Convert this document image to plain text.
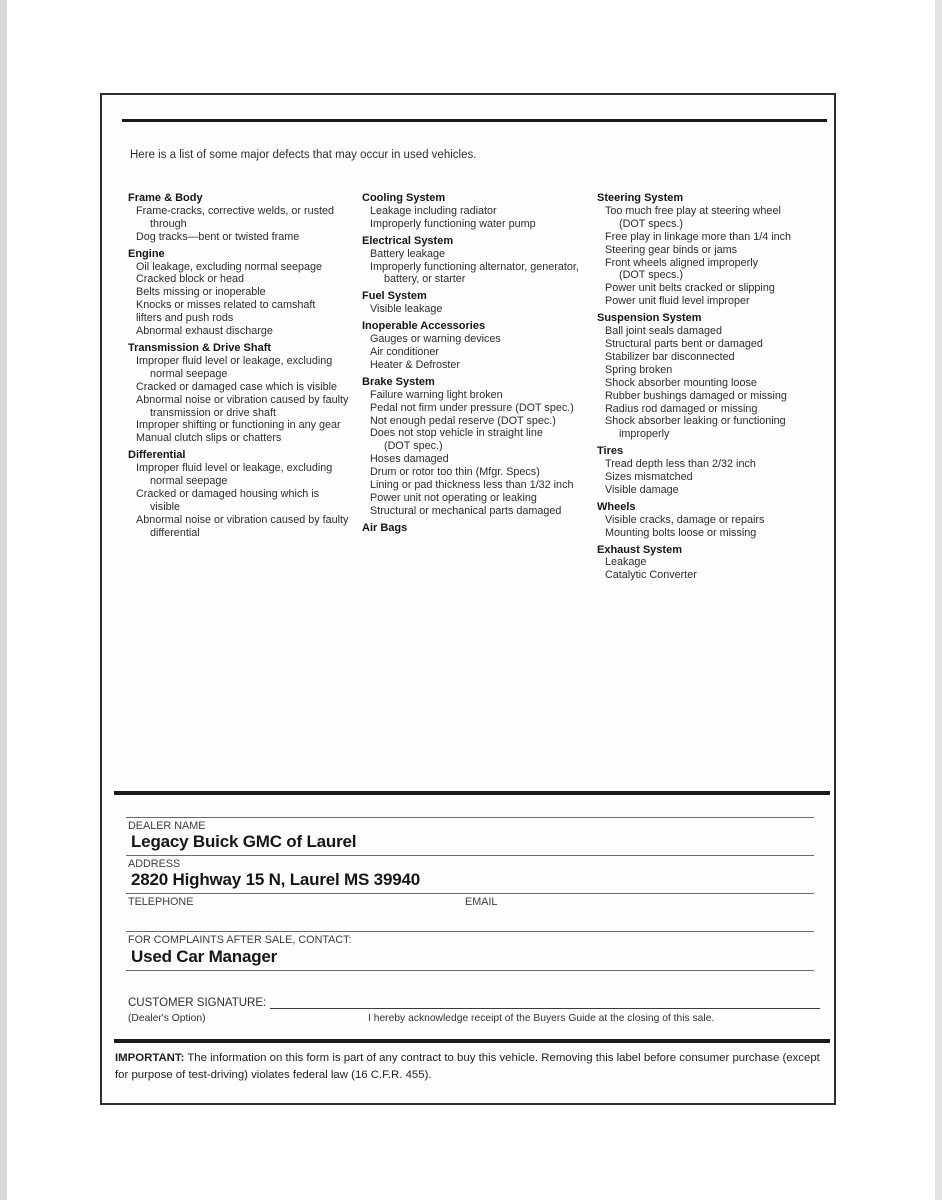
Here is a list of some major defects that may occur in used vehicles.
Frame & Body
Frame-cracks, corrective welds, or rusted
through
Dog tracks—bent or twisted frame
Engine
Oil leakage, excluding normal seepage
Cracked block or head
Belts missing or inoperable
Knocks or misses related to camshaft
lifters and push rods
Abnormal exhaust discharge
Transmission & Drive Shaft
Improper fluid level or leakage, excluding
normal seepage
Cracked or damaged case which is visible
Abnormal noise or vibration caused by faulty
transmission or drive shaft
Improper shifting or functioning in any gear
Manual clutch slips or chatters
Differential
Improper fluid level or leakage, excluding
normal seepage
Cracked or damaged housing which is
visible
Abnormal noise or vibration caused by faulty
differential
Cooling System
Leakage including radiator
Improperly functioning water pump
Electrical System
Battery leakage
Improperly functioning alternator, generator,
battery, or starter
Fuel System
Visible leakage
Inoperable Accessories
Gauges or warning devices
Air conditioner
Heater & Defroster
Brake System
Failure warning light broken
Pedal not firm under pressure (DOT spec.)
Not enough pedal reserve (DOT spec.)
Does not stop vehicle in straight line
(DOT spec.)
Hoses damaged
Drum or rotor too thin (Mfgr. Specs)
Lining or pad thickness less than 1/32 inch
Power unit not operating or leaking
Structural or mechanical parts damaged
Air Bags
Steering System
Too much free play at steering wheel
(DOT specs.)
Free play in linkage more than 1/4 inch
Steering gear binds or jams
Front wheels aligned improperly
(DOT specs.)
Power unit belts cracked or slipping
Power unit fluid level improper
Suspension System
Ball joint seals damaged
Structural parts bent or damaged
Stabilizer bar disconnected
Spring broken
Shock absorber mounting loose
Rubber bushings damaged or missing
Radius rod damaged or missing
Shock absorber leaking or functioning
improperly
Tires
Tread depth less than 2/32 inch
Sizes mismatched
Visible damage
Wheels
Visible cracks, damage or repairs
Mounting bolts loose or missing
Exhaust System
Leakage
Catalytic Converter
DEALER NAME
Legacy Buick GMC of Laurel
ADDRESS
2820 Highway 15 N, Laurel MS 39940
TELEPHONE	EMAIL
FOR COMPLAINTS AFTER SALE, CONTACT:
Used Car Manager
CUSTOMER SIGNATURE:
(Dealer's Option)	I hereby acknowledge receipt of the Buyers Guide at the closing of this sale.
IMPORTANT: The information on this form is part of any contract to buy this vehicle. Removing this label before consumer purchase (except for purpose of test-driving) violates federal law (16 C.F.R. 455).
